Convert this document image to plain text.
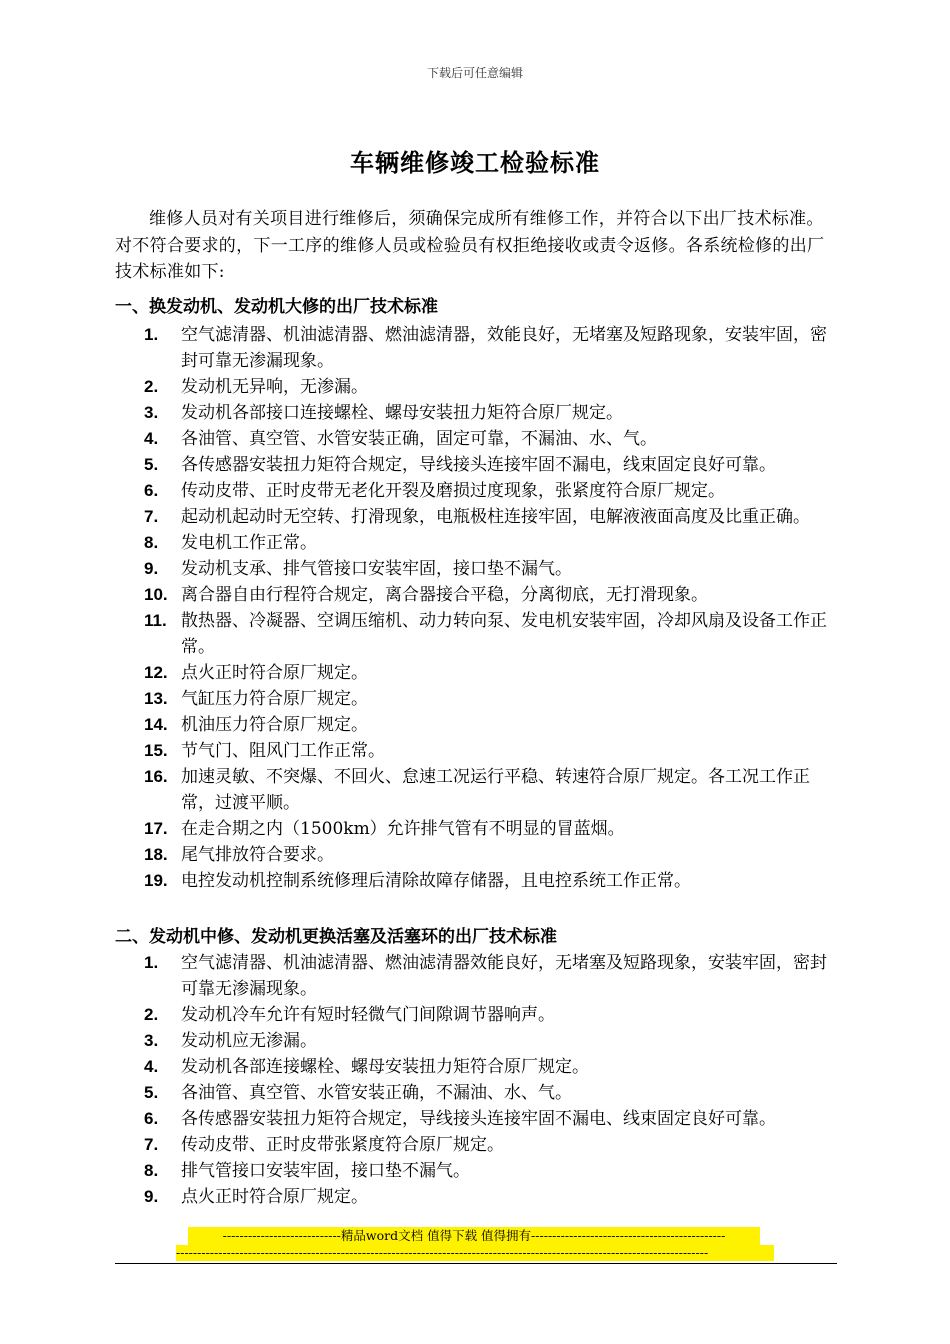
下载后可任意编辑
车辆维修竣工检验标准
维修人员对有关项目进行维修后，须确保完成所有维修工作，并符合以下出厂技术标准。对不符合要求的，下一工序的维修人员或检验员有权拒绝接收或责令返修。各系统检修的出厂技术标准如下:
一、换发动机、发动机大修的出厂技术标准
1.	空气滤清器、机油滤清器、燃油滤清器，效能良好，无堵塞及短路现象，安装牢固，密封可靠无渗漏现象。
2.	发动机无异响，无渗漏。
3.	发动机各部接口连接螺栓、螺母安装扭力矩符合原厂规定。
4.	各油管、真空管、水管安装正确，固定可靠，不漏油、水、气。
5.	各传感器安装扭力矩符合规定，导线接头连接牢固不漏电，线束固定良好可靠。
6.	传动皮带、正时皮带无老化开裂及磨损过度现象，张紧度符合原厂规定。
7.	起动机起动时无空转、打滑现象，电瓶极柱连接牢固，电解液液面高度及比重正确。
8.	发电机工作正常。
9.	发动机支承、排气管接口安装牢固，接口垫不漏气。
10. 离合器自由行程符合规定，离合器接合平稳，分离彻底，无打滑现象。
11. 散热器、冷凝器、空调压缩机、动力转向泵、发电机安装牢固，冷却风扇及设备工作正常。
12. 点火正时符合原厂规定。
13. 气缸压力符合原厂规定。
14. 机油压力符合原厂规定。
15. 节气门、阻风门工作正常。
16. 加速灵敏、不突爆、不回火、怠速工况运行平稳、转速符合原厂规定。各工况工作正常，过渡平顺。
17. 在走合期之内（1500km）允许排气管有不明显的冒蓝烟。
18. 尾气排放符合要求。
19. 电控发动机控制系统修理后清除故障存储器，且电控系统工作正常。
二、发动机中修、发动机更换活塞及活塞环的出厂技术标准
1.	空气滤清器、机油滤清器、燃油滤清器效能良好，无堵塞及短路现象，安装牢固，密封可靠无渗漏现象。
2.	发动机冷车允许有短时轻微气门间隙调节器响声。
3.	发动机应无渗漏。
4.	发动机各部连接螺栓、螺母安装扭力矩符合原厂规定。
5.	各油管、真空管、水管安装正确，不漏油、水、气。
6.	各传感器安装扭力矩符合规定，导线接头连接牢固不漏电、线束固定良好可靠。
7.	传动皮带、正时皮带张紧度符合原厂规定。
8.	排气管接口安装牢固，接口垫不漏气。
9.	点火正时符合原厂规定。
----------------------------精品word文档 值得下载 值得拥有----------------------------------------------
------------------------------------------------------------------------------------------------------------------------------
